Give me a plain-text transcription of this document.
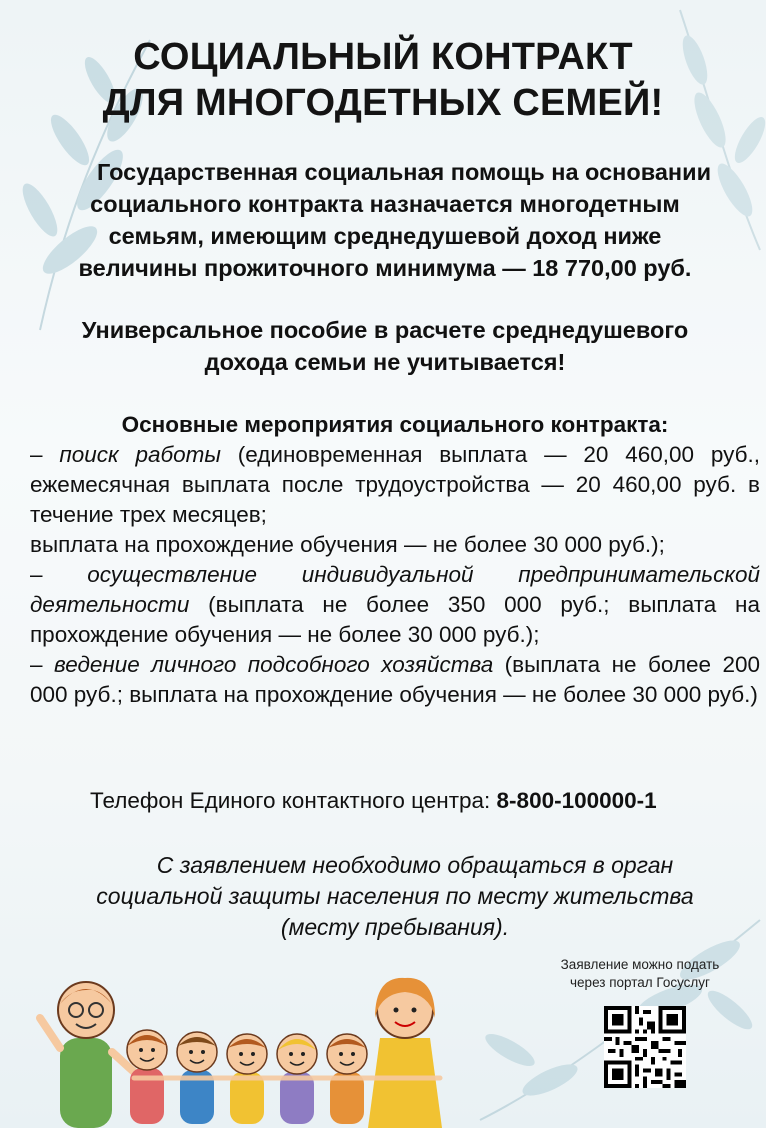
СОЦИАЛЬНЫЙ КОНТРАКТ
ДЛЯ МНОГОДЕТНЫХ СЕМЕЙ!
Государственная социальная помощь на основании
социального контракта назначается многодетным
семьям, имеющим среднедушевой доход ниже
величины прожиточного минимума — 18 770,00 руб.
Универсальное пособие в расчете среднедушевого
дохода семьи не учитывается!
Основные мероприятия социального контракта:

– поиск работы (единовременная выплата — 20 460,00 руб., ежемесячная выплата после трудоустройства — 20 460,00 руб. в течение трех месяцев;

выплата на прохождение обучения — не более 30 000 руб.);

– осуществление индивидуальной предпринимательской деятельности (выплата не более 350 000 руб.; выплата на прохождение обучения — не более 30 000 руб.);

– ведение личного подсобного хозяйства (выплата не более 200 000 руб.; выплата на прохождение обучения — не более 30 000 руб.)

Телефон Единого контактного центра: 8-800-100000-1
С заявлением необходимо обращаться в орган
социальной защиты населения по месту жительства
(месту пребывания).
Заявление можно подать
через портал Госуслуг
